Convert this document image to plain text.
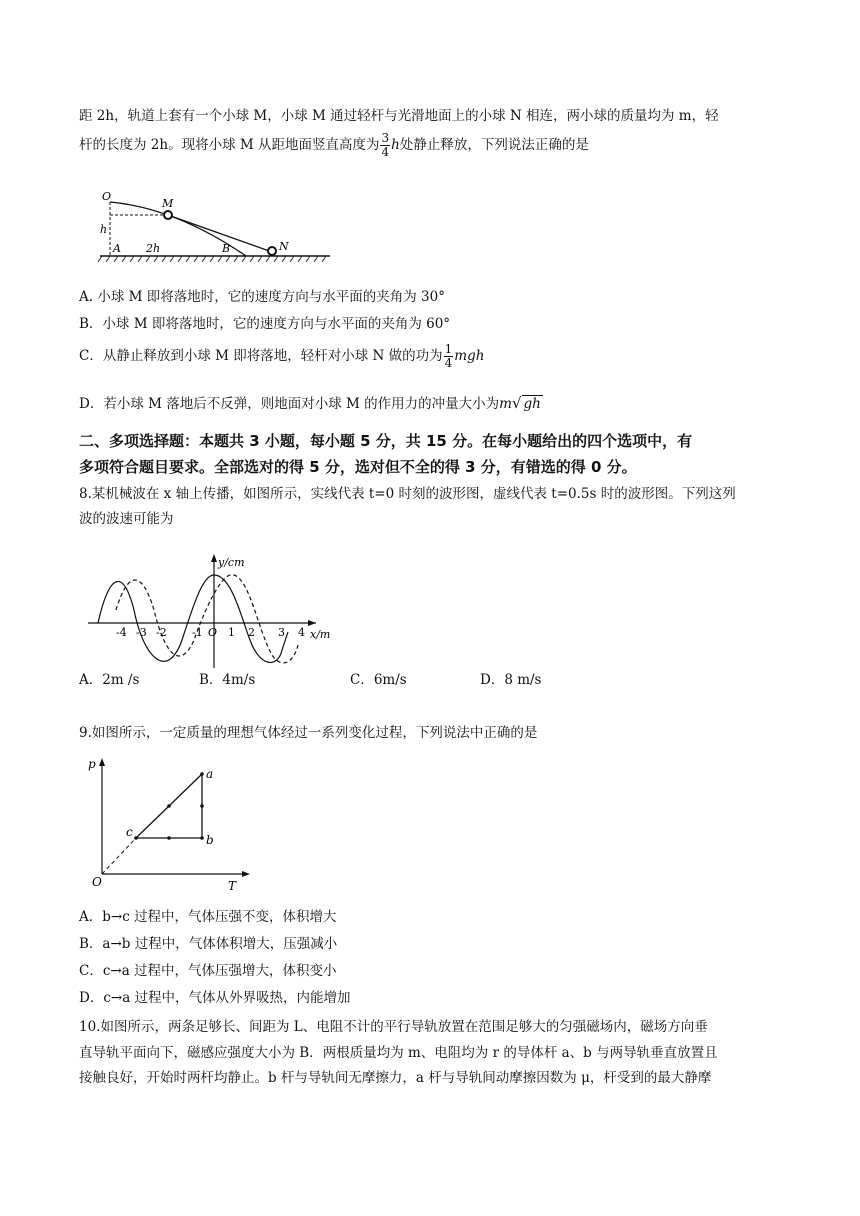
距 2h，轨道上套有一个小球 M，小球 M 通过轻杆与光滑地面上的小球 N 相连，两小球的质量均为 m，轻
杆的长度为 2h。现将小球 M 从距地面竖直高度为 $\frac{3}{4}$ h处静止释放，下列说法正确的是
O
M
h
A 2h	B	N
A. 小球 M 即将落地时，它的速度方向与水平面的夹角为 30°
B．小球 M 即将落地时，它的速度方向与水平面的夹角为 60°
C．从静止释放到小球 M 即将落地，轻杆对小球 N 做的功为 $\frac{1}{4}$ mgh
D．若小球 M 落地后不反弹，则地面对小球 M 的作用力的冲量大小为m√ gh
二、多项选择题：本题共 3 小题，每小题 5 分，共 15 分。在每小题给出的四个选项中，有
多项符合题目要求。全部选对的得 5 分，选对但不全的得 3 分，有错选的得 0 分。
8.某机械波在 x 轴上传播，如图所示，实线代表 t=0 时刻的波形图，虚线代表 t=0.5s 时的波形图。下列这列
波的波速可能为
y/cm
x/m
-4 -3 -2 -1 O 1 2 3 4
A．2m /s	B．4m/s	C．6m/s	D．8 m/s
9.如图所示，一定质量的理想气体经过一系列变化过程，下列说法中正确的是
p
T
O
a
b
c
A．b→c 过程中，气体压强不变，体积增大
B．a→b 过程中，气体体积增大，压强减小
C．c→a 过程中，气体压强增大，体积变小
D．c→a 过程中，气体从外界吸热，内能增加
10.如图所示，两条足够长、间距为 L、电阻不计的平行导轨放置在范围足够大的匀强磁场内，磁场方向垂
直导轨平面向下，磁感应强度大小为 B．两根质量均为 m、电阻均为 r 的导体杆 a、b 与两导轨垂直放置且
接触良好，开始时两杆均静止。b 杆与导轨间无摩擦力，a 杆与导轨间动摩擦因数为 μ，杆受到的最大静摩
